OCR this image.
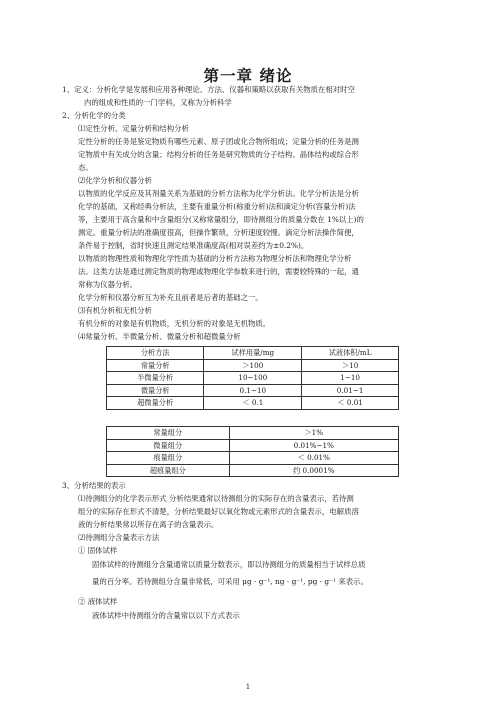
第一章 绪论
1、定义：分析化学是发展和应用各种理论、方法、仪器和策略以获取有关物质在相对时空
内的组成和性质的一门学科，又称为分析科学
2、分析化学的分类
⑴定性分析、定量分析和结构分析
定性分析的任务是鉴定物质有哪些元素、原子团或化合物所组成；定量分析的任务是测
定物质中有关成分的含量；结构分析的任务是研究物质的分子结构、晶体结构或综合形
态。
⑵化学分析和仪器分析
以物质的化学反应及其剂量关系为基础的分析方法称为化学分析法。化学分析法是分析
化学的基础，又称经典分析法，主要有重量分析(称重分析)法和滴定分析(容量分析)法
等，主要用于高含量和中含量组分(又称常量组分，即待测组分的质量分数在 1%以上)的
测定。重量分析法的准确度很高，但操作繁琐，分析速度较慢。滴定分析法操作简便，
条件易于控制，省时快速且测定结果准确度高(相对误差约为±0.2%)。
以物质的物理性质和物理化学性质为基础的分析方法称为物理分析法和物理化学分析
法。这类方法是通过测定物质的物理或物理化学参数来进行的，需要较特殊的一起，通
常称为仪器分析。
化学分析和仪器分析互为补充且前者是后者的基础之一。
⑶有机分析和无机分析
有机分析的对象是有机物质，无机分析的对象是无机物质。
⑷常量分析、半微量分析、微量分析和超微量分析
分析方法	试样用量/mg	试液体积/mL
常量分析	＞100	＞10
半微量分析	10~100	1~10
微量分析	0.1~10	0.01~1
超微量分析	＜ 0.1	＜ 0.01
常量组分	＞1%
微量组分	0.01%~1%
痕量组分	＜ 0.01%
超痕量组分	约 0.0001%
3、分析结果的表示
⑴待测组分的化学表示形式 分析结果通常以待测组分的实际存在的含量表示，若待测
组分的实际存在形式不清楚，分析结果最好以氧化物或元素形式的含量表示，电解质溶
液的分析结果常以所存在离子的含量表示。
⑵待测组分含量表示方法
① 固体试样
固体试样的待测组分含量通常以质量分数表示，即以待测组分的质量相当于试样总质
量的百分率。若待测组分含量非常低，可采用 μg · g⁻¹, ng · g⁻¹, pg · g⁻¹ 来表示。
② 液体试样
液体试样中待测组分的含量常以以下方式表示
1
